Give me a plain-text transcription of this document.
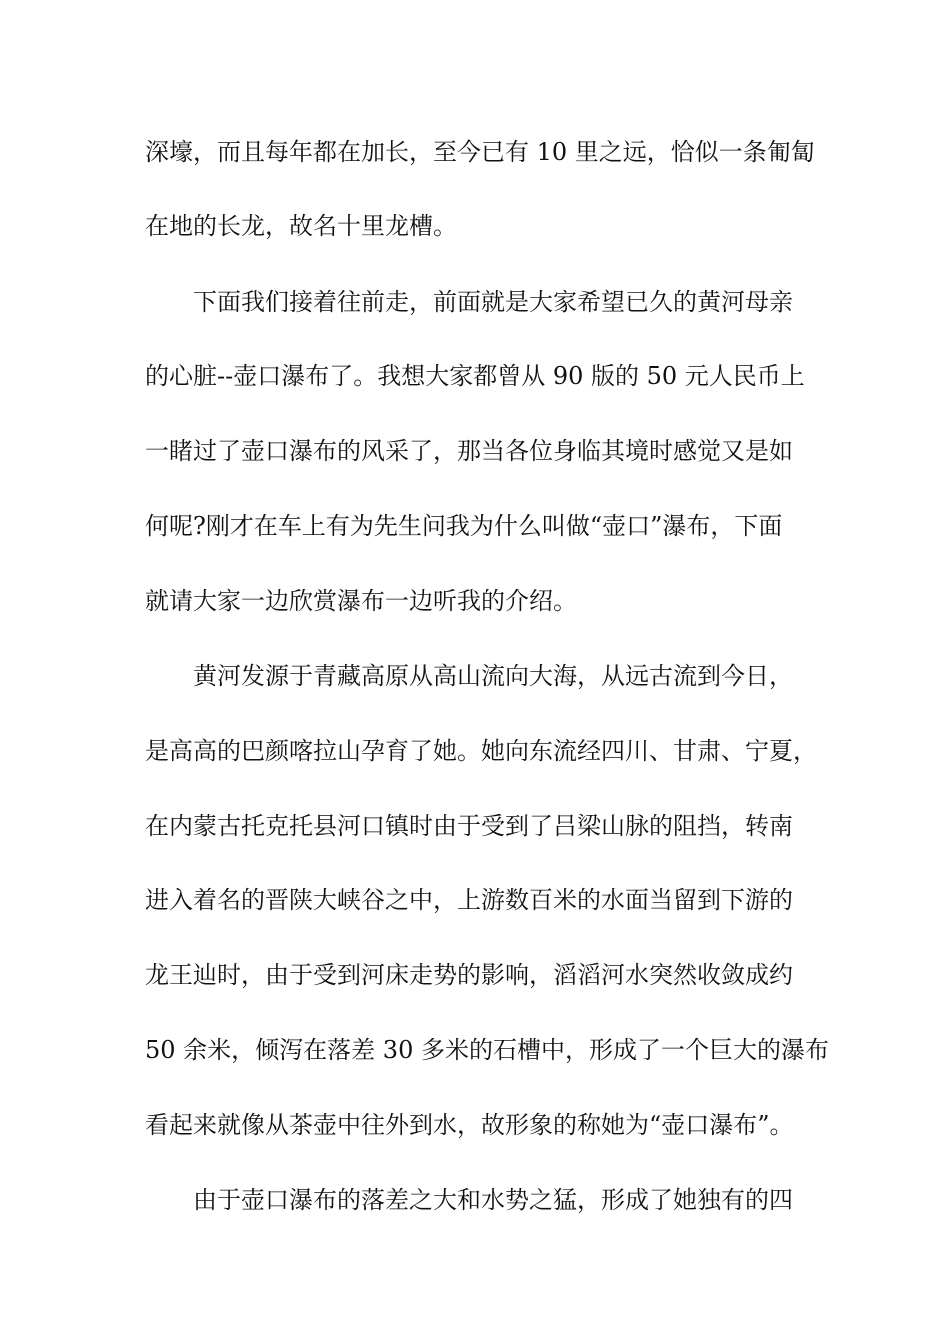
深壕，而且每年都在加长，至今已有 10 里之远，恰似一条匍匐
在地的长龙，故名十里龙槽。
下面我们接着往前走，前面就是大家希望已久的黄河母亲
的心脏--壶口瀑布了。我想大家都曾从 90 版的 50 元人民币上
一睹过了壶口瀑布的风采了，那当各位身临其境时感觉又是如
何呢?刚才在车上有为先生问我为什么叫做“壶口”瀑布，下面
就请大家一边欣赏瀑布一边听我的介绍。
黄河发源于青藏高原从高山流向大海，从远古流到今日，
是高高的巴颜喀拉山孕育了她。她向东流经四川、甘肃、宁夏，
在内蒙古托克托县河口镇时由于受到了吕梁山脉的阻挡，转南
进入着名的晋陕大峡谷之中，上游数百米的水面当留到下游的
龙王辿时，由于受到河床走势的影响，滔滔河水突然收敛成约
50 余米，倾泻在落差 30 多米的石槽中，形成了一个巨大的瀑布
看起来就像从茶壶中往外到水，故形象的称她为“壶口瀑布”。
由于壶口瀑布的落差之大和水势之猛，形成了她独有的四
